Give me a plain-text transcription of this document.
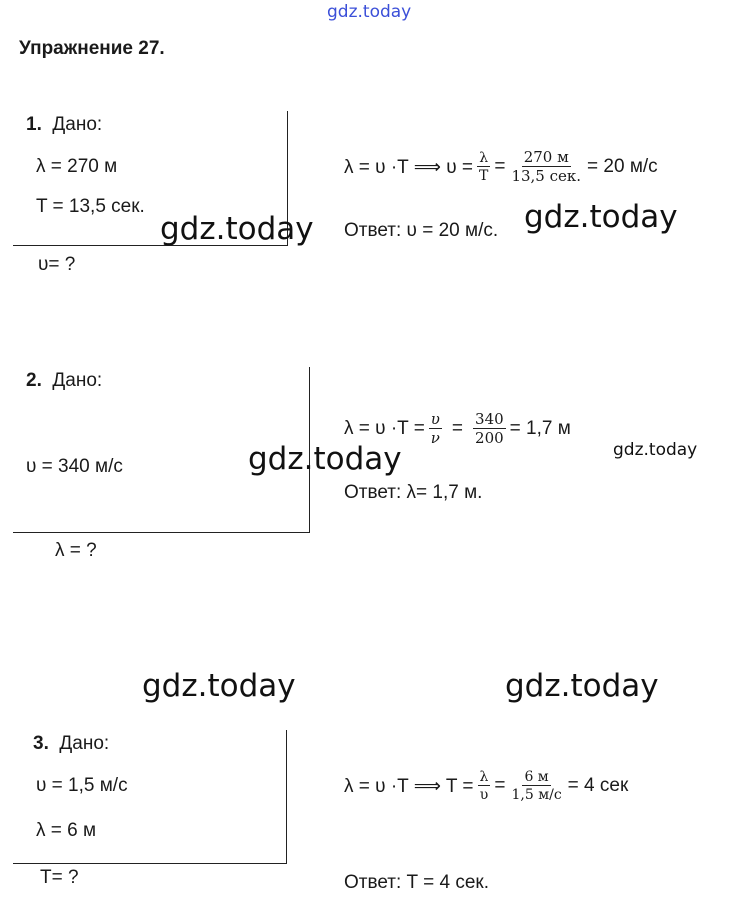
gdz.today
Упражнение 27.
1. Дано:
λ = 270 м
T = 13,5 сек.
υ= ?
λ = υ ·T ⟹ $\upsilon = \frac{\lambda}{T} = \frac{270 м}{\text{13,5 сек.}} = 20$ м/с
Ответ: υ = 20 м/с.
2. Дано:
υ = 340 м/с
λ = ?
$\lambda = \upsilon \cdot T = \frac{\upsilon}{\nu} = \frac{340}{200} = 1,7$ м
Ответ: λ= 1,7 м.
3. Дано:
υ = 1,5 м/с
λ = 6 м
T= ?
λ = υ ·T ⟹ $T = \frac{\lambda}{\upsilon} = \frac{6 м}{1,5 м/с} = 4$ сек
Ответ: T = 4 сек.
gdz.today	gdz.today
gdz.today	gdz.today
gdz.today	gdz.today
